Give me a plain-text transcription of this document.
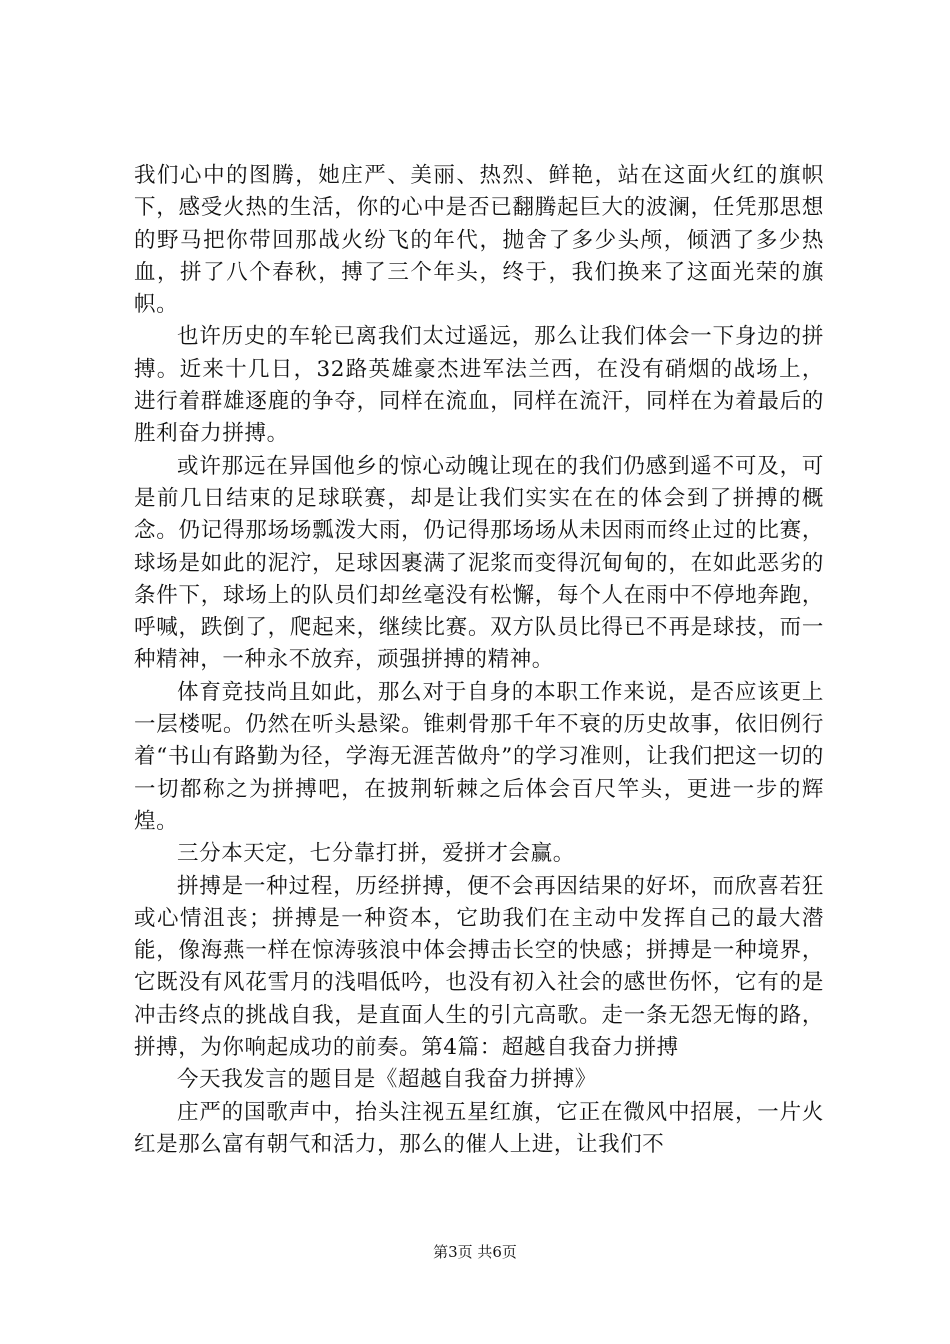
我们心中的图腾，她庄严、美丽、热烈、鲜艳，站在这面火红的旗帜下，感受火热的生活，你的心中是否已翻腾起巨大的波澜，任凭那思想的野马把你带回那战火纷飞的年代，抛舍了多少头颅，倾洒了多少热血，拼了八个春秋，搏了三个年头，终于，我们换来了这面光荣的旗帜。

也许历史的车轮已离我们太过遥远，那么让我们体会一下身边的拼搏。近来十几日，32路英雄豪杰进军法兰西，在没有硝烟的战场上，进行着群雄逐鹿的争夺，同样在流血，同样在流汗，同样在为着最后的胜利奋力拼搏。

或许那远在异国他乡的惊心动魄让现在的我们仍感到遥不可及，可是前几日结束的足球联赛，却是让我们实实在在的体会到了拼搏的概念。仍记得那场场瓢泼大雨，仍记得那场场从未因雨而终止过的比赛，球场是如此的泥泞，足球因裹满了泥浆而变得沉甸甸的，在如此恶劣的条件下，球场上的队员们却丝毫没有松懈，每个人在雨中不停地奔跑，呼喊，跌倒了，爬起来，继续比赛。双方队员比得已不再是球技，而一种精神，一种永不放弃，顽强拼搏的精神。

体育竞技尚且如此，那么对于自身的本职工作来说，是否应该更上一层楼呢。仍然在听头悬梁。锥刺骨那千年不衰的历史故事，依旧例行着“书山有路勤为径，学海无涯苦做舟”的学习准则，让我们把这一切的一切都称之为拼搏吧，在披荆斩棘之后体会百尺竿头，更进一步的辉煌。

三分本天定，七分靠打拼，爱拼才会赢。

拼搏是一种过程，历经拼搏，便不会再因结果的好坏，而欣喜若狂或心情沮丧；拼搏是一种资本，它助我们在主动中发挥自己的最大潜能，像海燕一样在惊涛骇浪中体会搏击长空的快感；拼搏是一种境界，它既没有风花雪月的浅唱低吟，也没有初入社会的感世伤怀，它有的是冲击终点的挑战自我，是直面人生的引亢高歌。走一条无怨无悔的路，拼搏，为你响起成功的前奏。第4篇：超越自我奋力拼搏

今天我发言的题目是《超越自我奋力拼搏》

庄严的国歌声中，抬头注视五星红旗，它正在微风中招展，一片火红是那么富有朝气和活力，那么的催人上进，让我们不

第3页 共6页
